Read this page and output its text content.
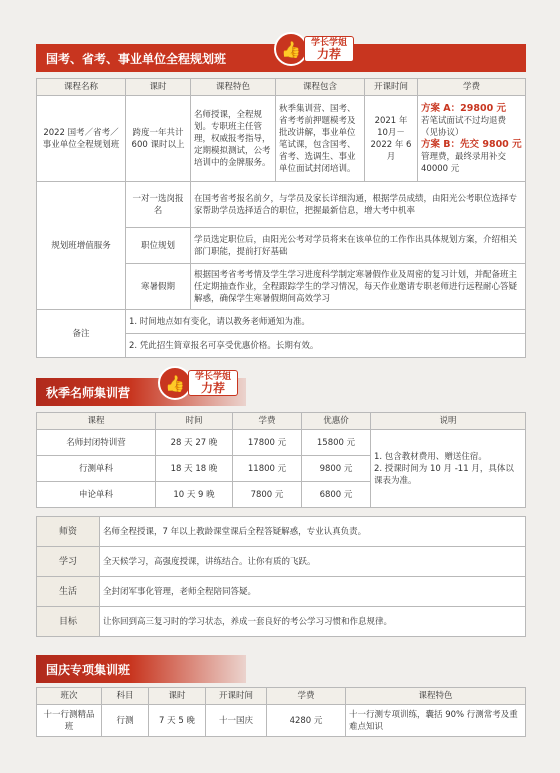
国考、省考、事业单位全程规划班	👍	学长学姐
力荐
课程名称	课时	课程特色	课程包含	开课时间	学费
2022 国考／省考／事业单位全程规划班	跨度一年共计 600 课时以上	名师授课，全程规划。专职班主任管理，权威报考指导，定期模拟测试，公考培训中的金牌服务。	秋季集训营、国考、省考考前押题模考及批改讲解，事业单位笔试课，包含国考、省考、选调生、事业单位面试封闭培训。	2021 年 10月－2022 年 6月	方案 A：29800 元
若笔试面试不过均退费（见协议）
方案 B：先交 9800 元
管理费，最终录用补交 40000 元

规划班增值服务	一对一选岗报名	在国考省考报名前夕，与学员及家长详细沟通，根据学员成绩，由阳光公考职位选择专家帮助学员选择适合的职位，把握最新信息，增大考中机率			
	职位规划	学员选定职位后，由阳光公考对学员将来在该单位的工作作出具体规划方案，介绍相关部门职能，提前打好基础			
	寒暑假期	根据国考省考考情及学生学习进度科学制定寒暑假作业及周密的复习计划，并配备班主任定期抽查作业，全程跟踪学生的学习情况，每天作业邀请专职老师进行远程耐心答疑解惑，确保学生寒暑假期间高效学习			
备注	1. 时间地点如有变化，请以教务老师通知为准。				
	2. 凭此招生简章报名可享受优惠价格。长期有效。				
秋季名师集训营	👍	学长学姐
力荐
课程	时间	学费	优惠价	说明
名师封闭特训营	28 天 27 晚	17800 元	15800 元	1. 包含教材费用、赠送住宿。
2. 授课时间为 10 月 -11 月，具体以课表为准。
行测单科	18 天 18 晚	11800 元	9800 元	
申论单科	10 天 9 晚	7800 元	6800 元	
师资	名师全程授课，7 年以上教龄课堂课后全程答疑解惑，专业认真负责。
学习	全天候学习，高强度授课，讲练结合。让你有质的飞跃。
生活	全封闭军事化管理，老师全程陪同答疑。
目标	让你回到高三复习时的学习状态，养成一套良好的考公学习习惯和作息规律。
国庆专项集训班
班次	科目	课时	开课时间	学费	课程特色
十一行测精品班	行测	7 天 5 晚	十一国庆	4280 元	十一行测专项训练，囊括 90% 行测常考及重难点知识
